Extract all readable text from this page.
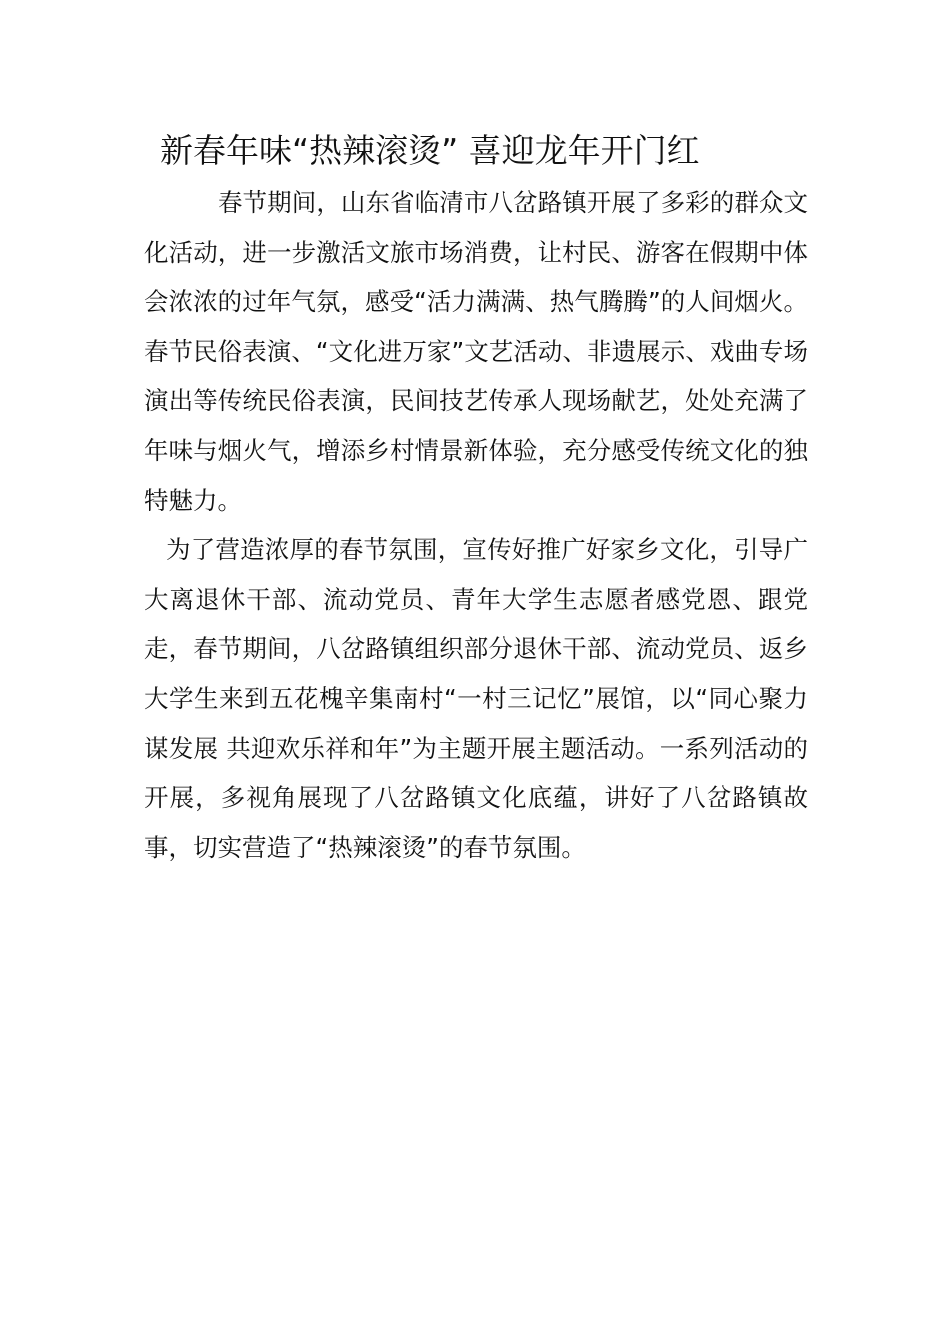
新春年味“热辣滚烫” 喜迎龙年开门红

春节期间，山东省临清市八岔路镇开展了多彩的群众文化活动，进一步激活文旅市场消费，让村民、游客在假期中体会浓浓的过年气氛，感受“活力满满、热气腾腾”的人间烟火。春节民俗表演、“文化进万家”文艺活动、非遗展示、戏曲专场演出等传统民俗表演，民间技艺传承人现场献艺，处处充满了年味与烟火气，增添乡村情景新体验，充分感受传统文化的独特魅力。

为了营造浓厚的春节氛围，宣传好推广好家乡文化，引导广大离退休干部、流动党员、青年大学生志愿者感党恩、跟党走，春节期间，八岔路镇组织部分退休干部、流动党员、返乡大学生来到五花槐辛集南村“一村三记忆”展馆，以“同心聚力谋发展 共迎欢乐祥和年”为主题开展主题活动。一系列活动的开展，多视角展现了八岔路镇文化底蕴，讲好了八岔路镇故事，切实营造了“热辣滚烫”的春节氛围。
